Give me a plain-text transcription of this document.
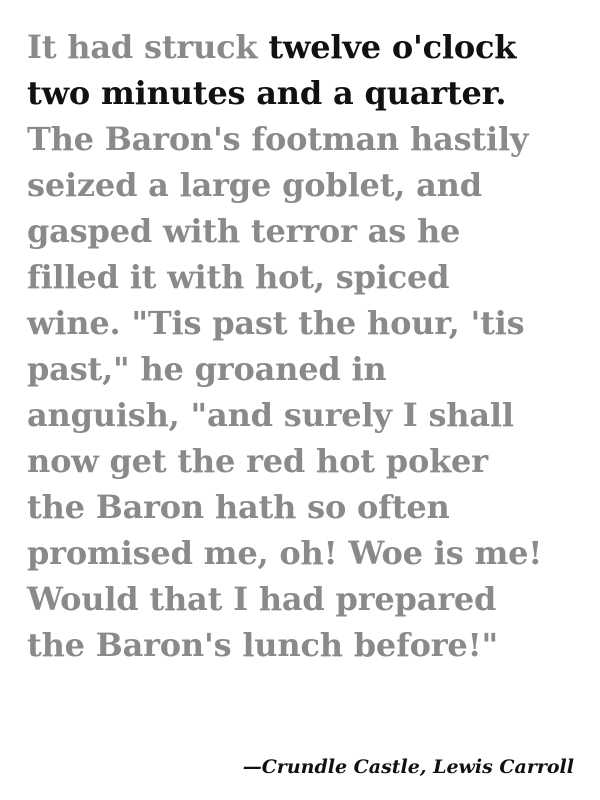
It had struck twelve o'clock
two minutes and a quarter.
The Baron's footman hastily
seized a large goblet, and
gasped with terror as he
filled it with hot, spiced
wine. "Tis past the hour, 'tis
past," he groaned in
anguish, "and surely I shall
now get the red hot poker
the Baron hath so often
promised me, oh! Woe is me!
Would that I had prepared
the Baron's lunch before!"
—Crundle Castle, Lewis Carroll
